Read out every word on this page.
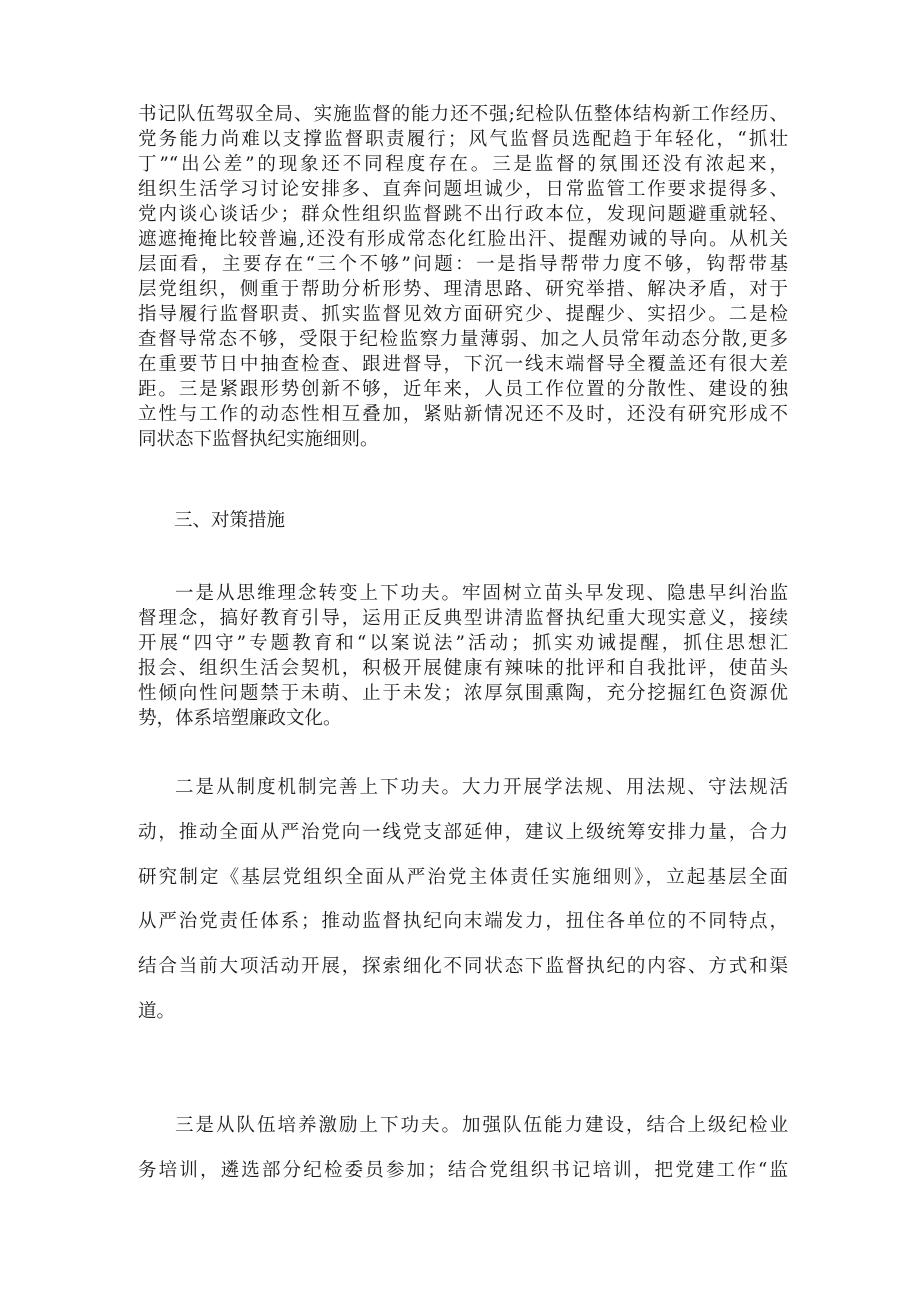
书记队伍驾驭全局、实施监督的能力还不强;纪检队伍整体结构新工作经历、
党务能力尚难以支撑监督职责履行；风气监督员选配趋于年轻化，“抓壮
丁”“出公差”的现象还不同程度存在。三是监督的氛围还没有浓起来，
组织生活学习讨论安排多、直奔问题坦诚少，日常监管工作要求提得多、
党内谈心谈话少；群众性组织监督跳不出行政本位，发现问题避重就轻、
遮遮掩掩比较普遍,还没有形成常态化红脸出汗、提醒劝诫的导向。从机关
层面看，主要存在“三个不够”问题：一是指导帮带力度不够，钩帮带基
层党组织，侧重于帮助分析形势、理清思路、研究举措、解决矛盾，对于
指导履行监督职责、抓实监督见效方面研究少、提醒少、实招少。二是检
查督导常态不够，受限于纪检监察力量薄弱、加之人员常年动态分散,更多
在重要节日中抽查检查、跟进督导，下沉一线末端督导全覆盖还有很大差
距。三是紧跟形势创新不够，近年来，人员工作位置的分散性、建设的独
立性与工作的动态性相互叠加，紧贴新情况还不及时，还没有研究形成不
同状态下监督执纪实施细则。
三、对策措施
一是从思维理念转变上下功夫。牢固树立苗头早发现、隐患早纠治监
督理念，搞好教育引导，运用正反典型讲清监督执纪重大现实意义，接续
开展“四守”专题教育和“以案说法”活动；抓实劝诫提醒，抓住思想汇
报会、组织生活会契机，积极开展健康有辣味的批评和自我批评，使苗头
性倾向性问题禁于未萌、止于未发；浓厚氛围熏陶，充分挖掘红色资源优
势，体系培塑廉政文化。
二是从制度机制完善上下功夫。大力开展学法规、用法规、守法规活
动，推动全面从严治党向一线党支部延伸，建议上级统筹安排力量，合力
研究制定《基层党组织全面从严治党主体责任实施细则》，立起基层全面
从严治党责任体系；推动监督执纪向末端发力，扭住各单位的不同特点，
结合当前大项活动开展，探索细化不同状态下监督执纪的内容、方式和渠
道。
三是从队伍培养激励上下功夫。加强队伍能力建设，结合上级纪检业
务培训，遴选部分纪检委员参加；结合党组织书记培训，把党建工作“监
